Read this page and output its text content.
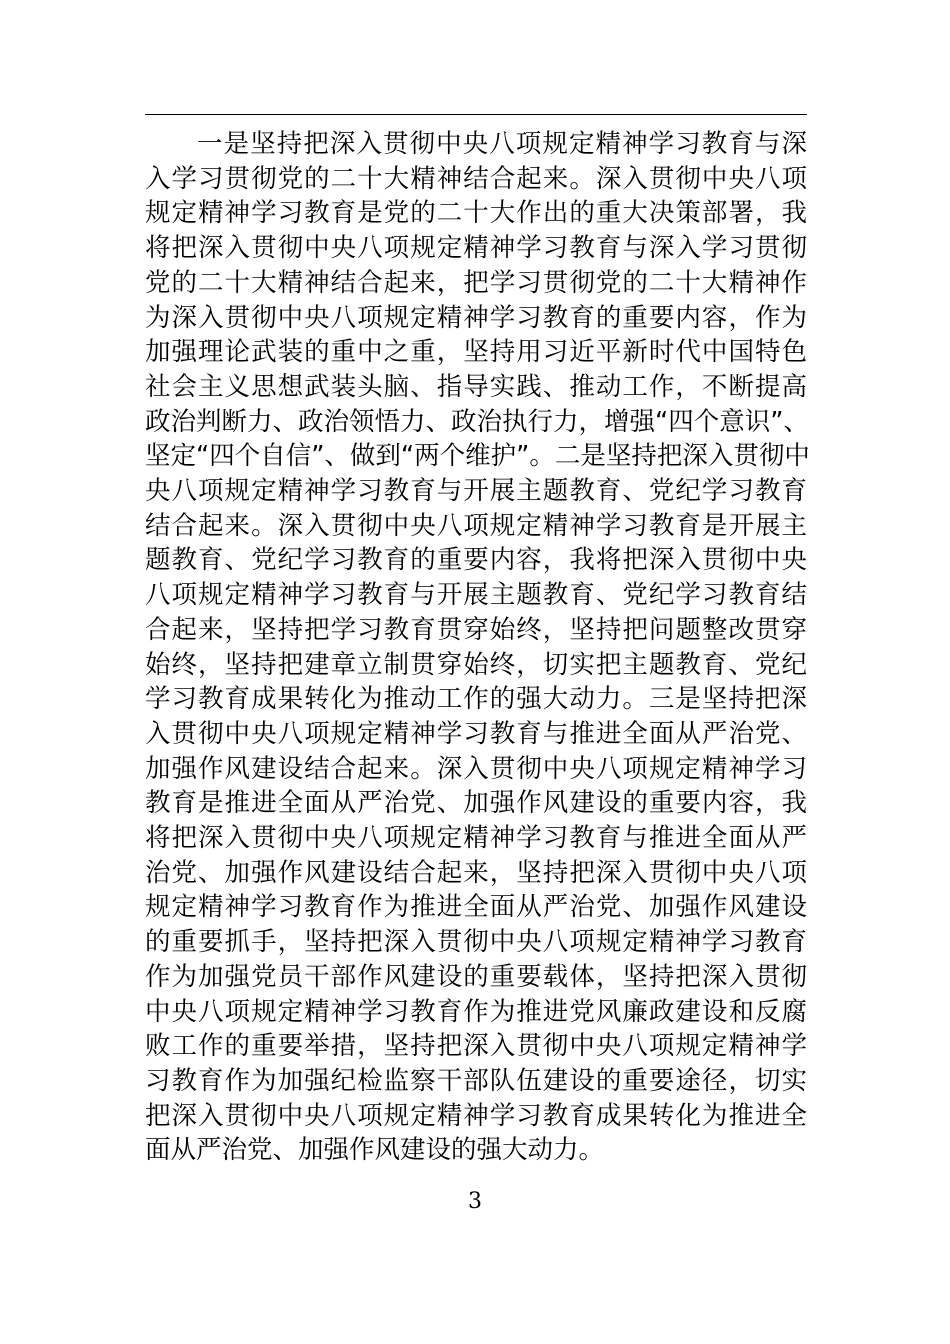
一是坚持把深入贯彻中央八项规定精神学习教育与深
入学习贯彻党的二十大精神结合起来。深入贯彻中央八项
规定精神学习教育是党的二十大作出的重大决策部署，我
将把深入贯彻中央八项规定精神学习教育与深入学习贯彻
党的二十大精神结合起来，把学习贯彻党的二十大精神作
为深入贯彻中央八项规定精神学习教育的重要内容，作为
加强理论武装的重中之重，坚持用习近平新时代中国特色
社会主义思想武装头脑、指导实践、推动工作，不断提高
政治判断力、政治领悟力、政治执行力，增强“四个意识”、
坚定“四个自信”、做到“两个维护”。二是坚持把深入贯彻中
央八项规定精神学习教育与开展主题教育、党纪学习教育
结合起来。深入贯彻中央八项规定精神学习教育是开展主
题教育、党纪学习教育的重要内容，我将把深入贯彻中央
八项规定精神学习教育与开展主题教育、党纪学习教育结
合起来，坚持把学习教育贯穿始终，坚持把问题整改贯穿
始终，坚持把建章立制贯穿始终，切实把主题教育、党纪
学习教育成果转化为推动工作的强大动力。三是坚持把深
入贯彻中央八项规定精神学习教育与推进全面从严治党、
加强作风建设结合起来。深入贯彻中央八项规定精神学习
教育是推进全面从严治党、加强作风建设的重要内容，我
将把深入贯彻中央八项规定精神学习教育与推进全面从严
治党、加强作风建设结合起来，坚持把深入贯彻中央八项
规定精神学习教育作为推进全面从严治党、加强作风建设
的重要抓手，坚持把深入贯彻中央八项规定精神学习教育
作为加强党员干部作风建设的重要载体，坚持把深入贯彻
中央八项规定精神学习教育作为推进党风廉政建设和反腐
败工作的重要举措，坚持把深入贯彻中央八项规定精神学
习教育作为加强纪检监察干部队伍建设的重要途径，切实
把深入贯彻中央八项规定精神学习教育成果转化为推进全
面从严治党、加强作风建设的强大动力。
3
